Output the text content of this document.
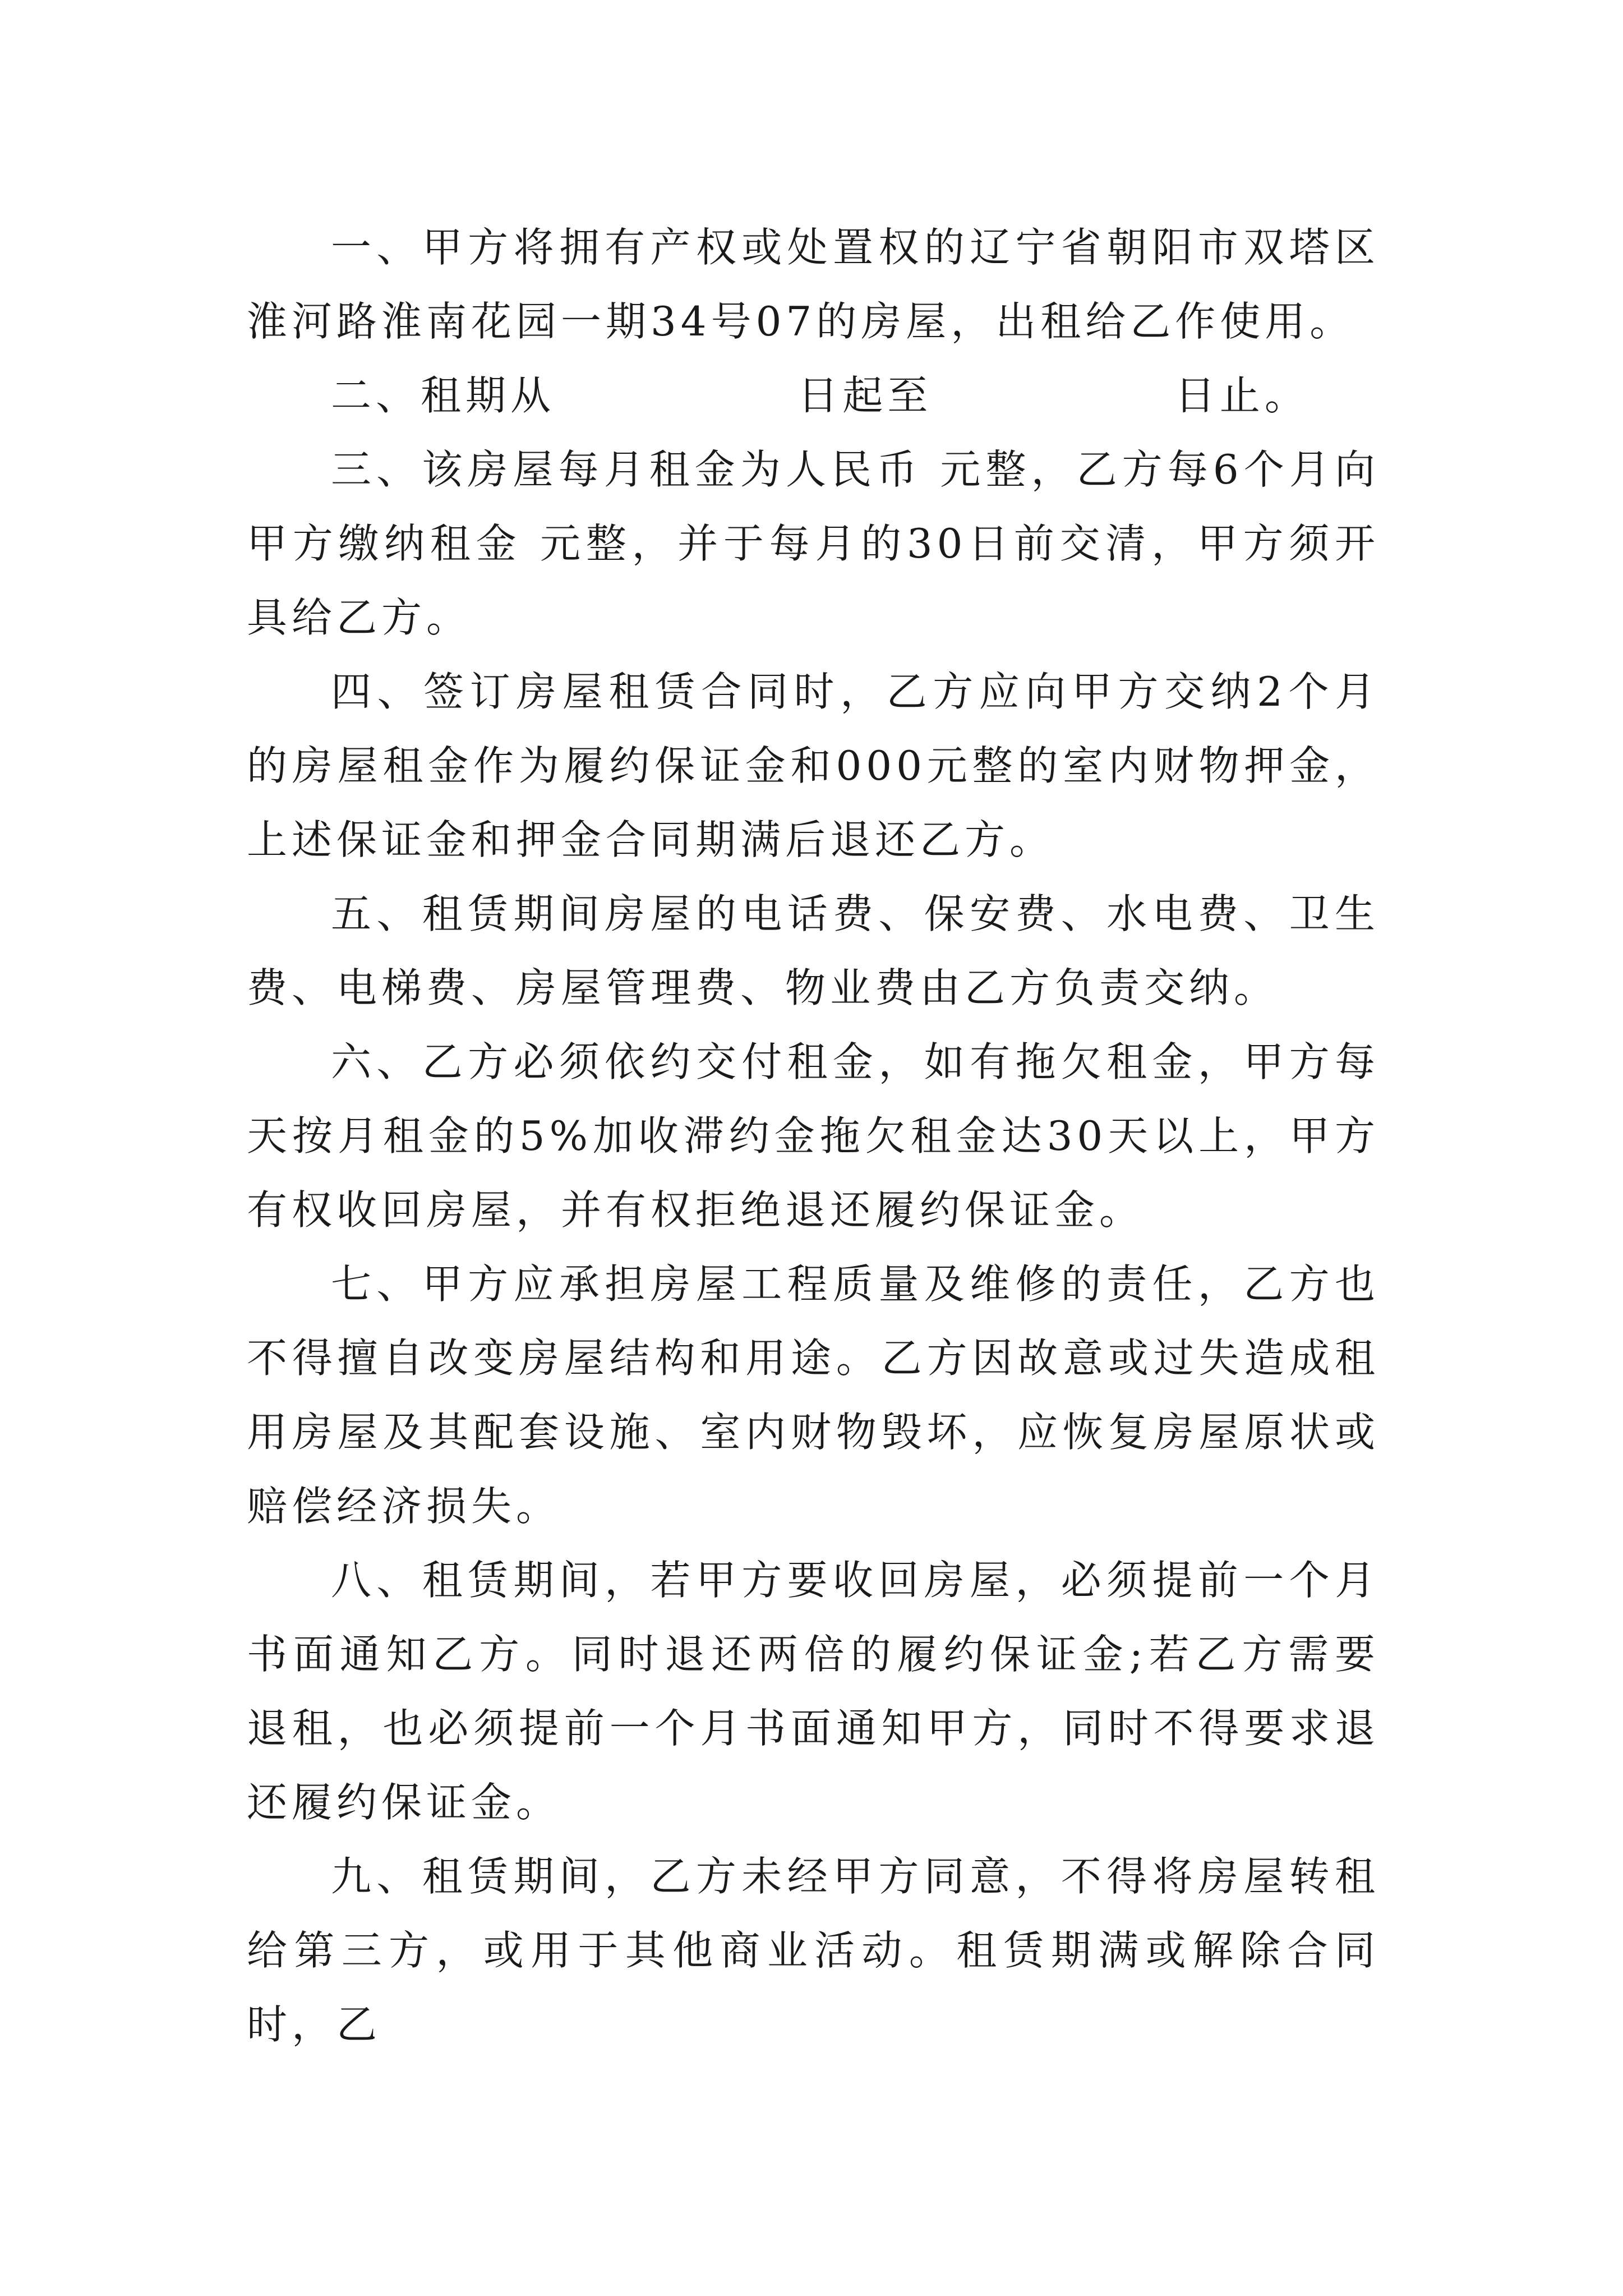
一、甲方将拥有产权或处置权的辽宁省朝阳市双塔区淮河路淮南花园一期34号07的房屋，出租给乙作使用。

二、租期从              日起至              日止。

三、该房屋每月租金为人民币 元整，乙方每6个月向甲方缴纳租金 元整，并于每月的30日前交清，甲方须开具给乙方。

四、签订房屋租赁合同时，乙方应向甲方交纳2个月的房屋租金作为履约保证金和000元整的室内财物押金，上述保证金和押金合同期满后退还乙方。

五、租赁期间房屋的电话费、保安费、水电费、卫生费、电梯费、房屋管理费、物业费由乙方负责交纳。

六、乙方必须依约交付租金，如有拖欠租金，甲方每天按月租金的5%加收滞约金拖欠租金达30天以上，甲方有权收回房屋，并有权拒绝退还履约保证金。

七、甲方应承担房屋工程质量及维修的责任，乙方也不得擅自改变房屋结构和用途。乙方因故意或过失造成租用房屋及其配套设施、室内财物毁坏，应恢复房屋原状或赔偿经济损失。

八、租赁期间，若甲方要收回房屋，必须提前一个月书面通知乙方。同时退还两倍的履约保证金;若乙方需要退租，也必须提前一个月书面通知甲方，同时不得要求退还履约保证金。

九、租赁期间，乙方未经甲方同意，不得将房屋转租给第三方，或用于其他商业活动。租赁期满或解除合同时，乙
